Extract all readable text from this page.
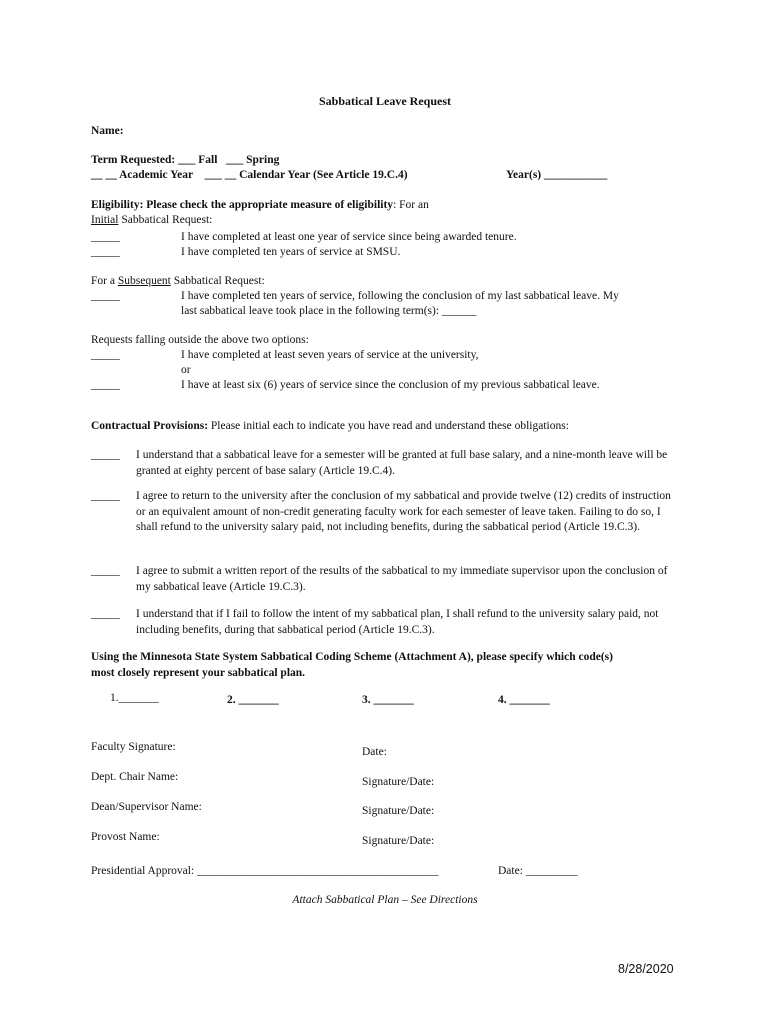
Sabbatical Leave Request
Name:
Term Requested: ___ Fall ___ Spring
__ __ Academic Year ___ __ Calendar Year (See Article 19.C.4)	Year(s) ___________
Eligibility: Please check the appropriate measure of eligibility: For an
Initial Sabbatical Request:
_____	I have completed at least one year of service since being awarded tenure.
_____	I have completed ten years of service at SMSU.
For a Subsequent Sabbatical Request:
_____	I have completed ten years of service, following the conclusion of my last sabbatical leave. My
last sabbatical leave took place in the following term(s): ______
Requests falling outside the above two options:
_____	I have completed at least seven years of service at the university,
or
_____	I have at least six (6) years of service since the conclusion of my previous sabbatical leave.
Contractual Provisions: Please initial each to indicate you have read and understand these obligations:
_____ I understand that a sabbatical leave for a semester will be granted at full base salary, and a nine-month leave will be granted at eighty percent of base salary (Article 19.C.4).
_____ I agree to return to the university after the conclusion of my sabbatical and provide twelve (12) credits of instruction or an equivalent amount of non-credit generating faculty work for each semester of leave taken. Failing to do so, I shall refund to the university salary paid, not including benefits, during the sabbatical period (Article 19.C.3).
_____ I agree to submit a written report of the results of the sabbatical to my immediate supervisor upon the conclusion of my sabbatical leave (Article 19.C.3).
_____ I understand that if I fail to follow the intent of my sabbatical plan, I shall refund to the university salary paid, not including benefits, during that sabbatical period (Article 19.C.3).
Using the Minnesota State System Sabbatical Coding Scheme (Attachment A), please specify which code(s)
most closely represent your sabbatical plan.
1._______	2. _______	3. _______	4. _______
Faculty Signature:	Date:
Dept. Chair Name:	Signature/Date:
Dean/Supervisor Name:	Signature/Date:
Provost Name:	Signature/Date:
Presidential Approval: __________________________________________	Date: _________
Attach Sabbatical Plan – See Directions
8/28/2020
